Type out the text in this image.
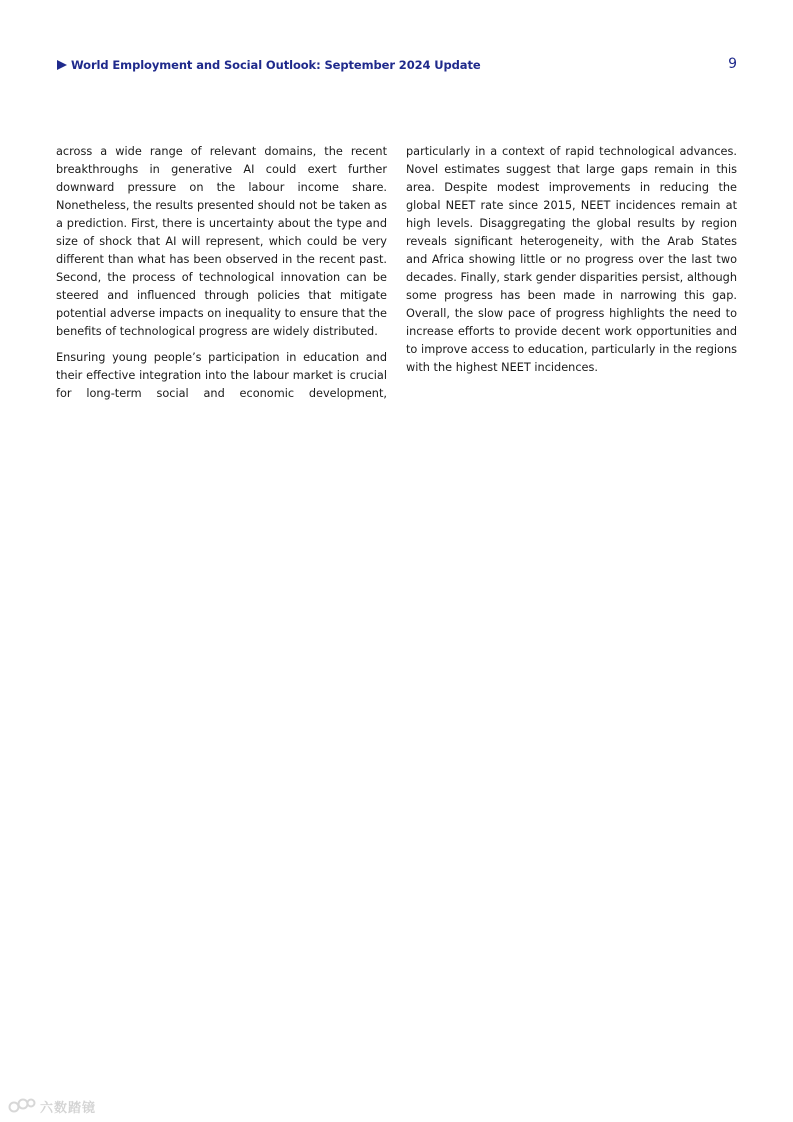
World Employment and Social Outlook: September 2024 Update	9

across a wide range of relevant domains, the recent breakthroughs in generative AI could exert further downward pressure on the labour income share. Nonetheless, the results presented should not be taken as a prediction. First, there is uncertainty about the type and size of shock that AI will represent, which could be very different than what has been observed in the recent past. Second, the process of technological innovation can be steered and influenced through policies that mitigate potential adverse impacts on inequality to ensure that the benefits of technological progress are widely distributed.

Ensuring young people’s participation in education and their effective integration into the labour market is crucial for long-term social and economic development,

particularly in a context of rapid technological advances. Novel estimates suggest that large gaps remain in this area. Despite modest improvements in reducing the global NEET rate since 2015, NEET incidences remain at high levels. Disaggregating the global results by region reveals significant heterogeneity, with the Arab States and Africa showing little or no progress over the last two decades. Finally, stark gender disparities persist, although some progress has been made in narrowing this gap. Overall, the slow pace of progress highlights the need to increase efforts to provide decent work opportunities and to improve access to education, particularly in the regions with the highest NEET incidences.

六数踏镜
